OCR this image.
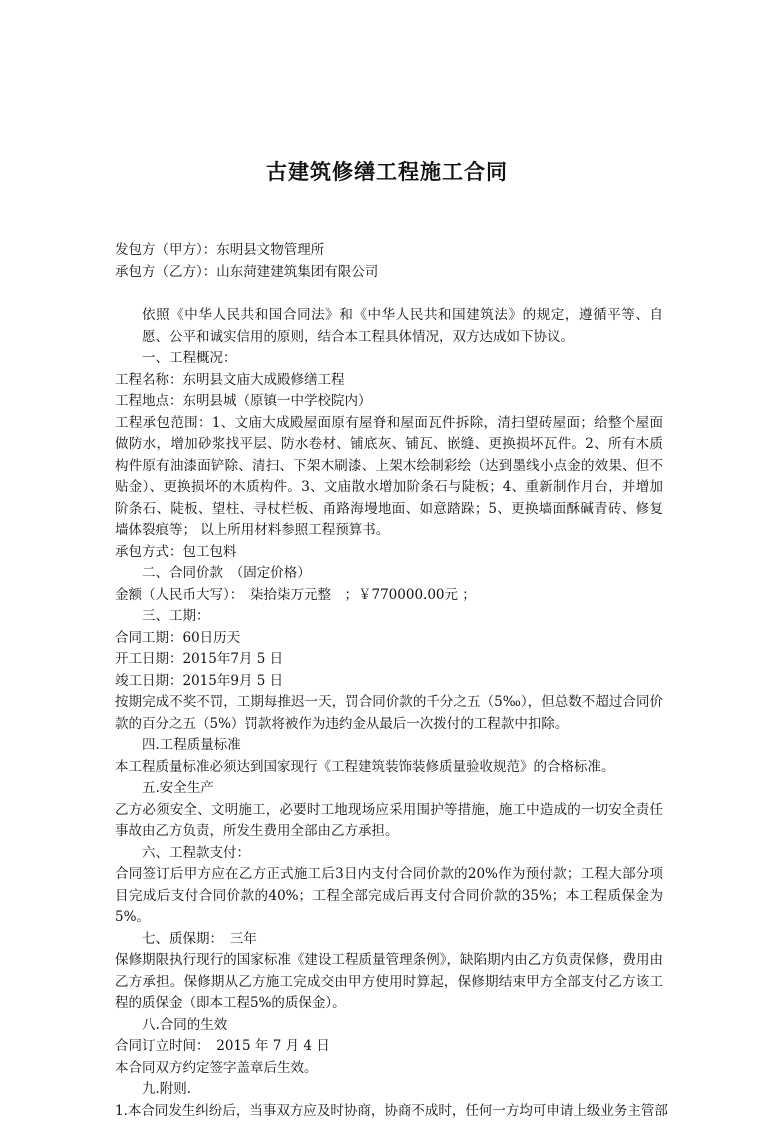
古建筑修缮工程施工合同
发包方（甲方）：东明县文物管理所
承包方（乙方）：山东菏建建筑集团有限公司
依照《中华人民共和国合同法》和《中华人民共和国建筑法》的规定，遵循平等、自愿、公平和诚实信用的原则，结合本工程具体情况，双方达成如下协议。
一、工程概况：
工程名称：东明县文庙大成殿修缮工程
工程地点：东明县城（原镇一中学校院内）
工程承包范围：1、文庙大成殿屋面原有屋脊和屋面瓦件拆除，清扫望砖屋面；给整个屋面做防水，增加砂浆找平层、防水卷材、铺底灰、铺瓦、嵌缝、更换损坏瓦件。2、所有木质构件原有油漆面铲除、清扫、下架木刷漆、上架木绘制彩绘（达到墨线小点金的效果、但不贴金）、更换损坏的木质构件。3、文庙散水增加阶条石与陡板；4、重新制作月台，并增加阶条石、陡板、望柱、寻杖栏板、甬路海墁地面、如意踏跺；5、更换墙面酥碱青砖、修复墙体裂痕等； 以上所用材料参照工程预算书。
承包方式：包工包料
二、合同价款　（固定价格）
金额（人民币大写）：　柒拾柒万元整　；￥770000.00元 ；
三、工期：
合同工期：60日历天
开工日期：2015年7月 5 日
竣工日期：2015年9月 5 日
按期完成不奖不罚，工期每推迟一天，罚合同价款的千分之五（5‰），但总数不超过合同价款的百分之五（5%）罚款将被作为违约金从最后一次拨付的工程款中扣除。
四.工程质量标准
本工程质量标准必须达到国家现行《工程建筑装饰装修质量验收规范》的合格标准。
五.安全生产
乙方必须安全、文明施工，必要时工地现场应采用围护等措施，施工中造成的一切安全责任事故由乙方负责，所发生费用全部由乙方承担。
六、工程款支付：
合同签订后甲方应在乙方正式施工后3日内支付合同价款的20%作为预付款；工程大部分项目完成后支付合同价款的40%；工程全部完成后再支付合同价款的35%；本工程质保金为5%。
七、质保期：　三年
保修期限执行现行的国家标准《建设工程质量管理条例》，缺陷期内由乙方负责保修，费用由乙方承担。保修期从乙方施工完成交由甲方使用时算起，保修期结束甲方全部支付乙方该工程的质保金（即本工程5%的质保金）。
八.合同的生效
合同订立时间：　2015 年 7 月 4 日
本合同双方约定签字盖章后生效。
九.附则.
1.本合同发生纠纷后，当事双方应及时协商，协商不成时，任何一方均可申请上级业务主管部
